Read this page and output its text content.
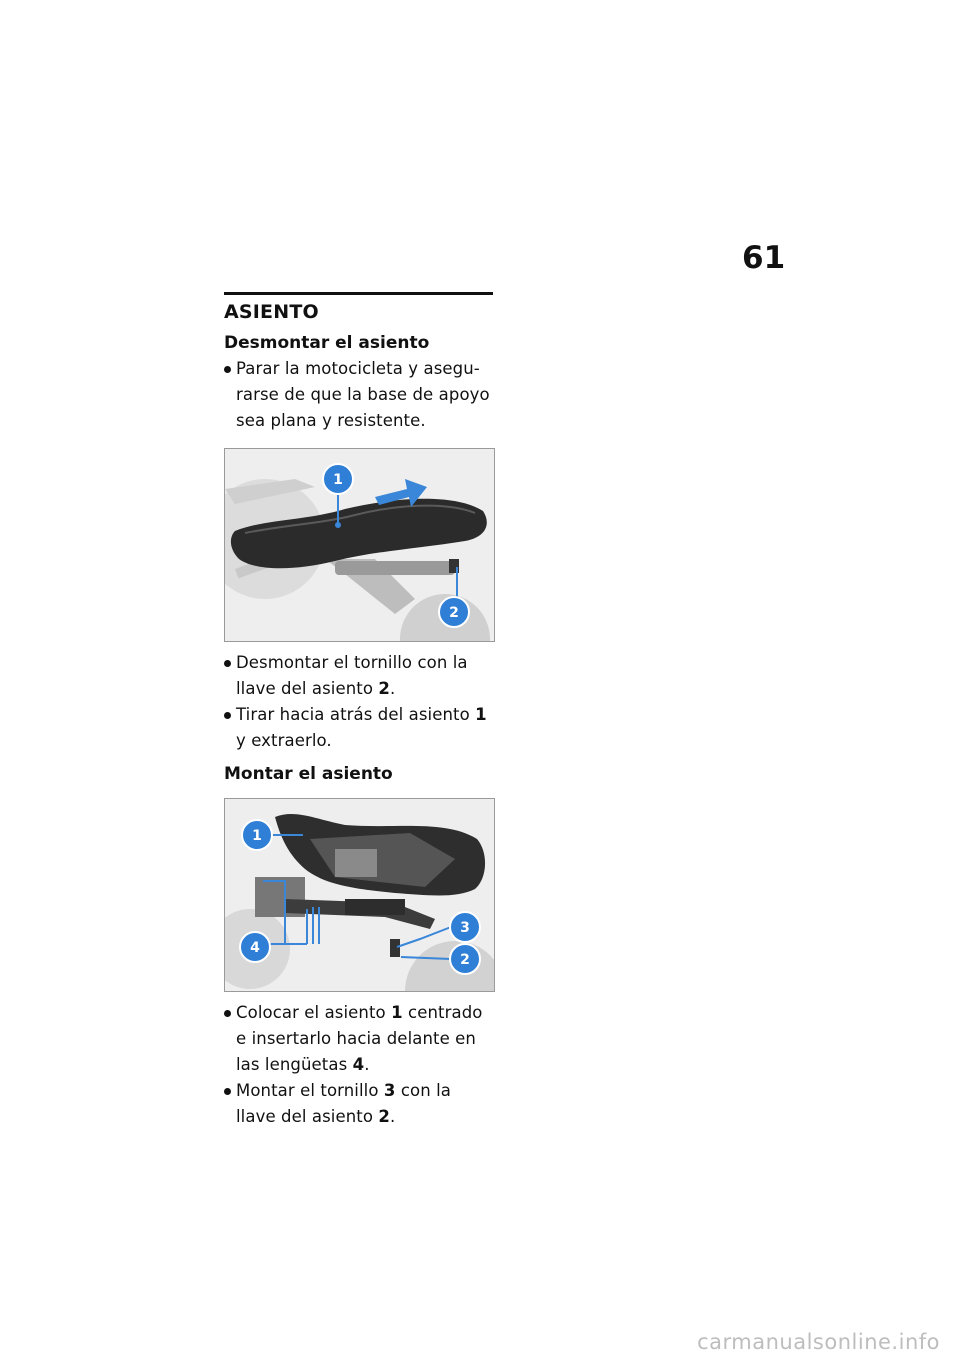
61
ASIENTO
Desmontar el asiento
Parar la motocicleta y asegu-rarse de que la base de apoyo sea plana y resistente.
1
2
Desmontar el tornillo con la llave del asiento 2.
Tirar hacia atrás del asiento 1 y extraerlo.
Montar el asiento
1
4
3
2
Colocar el asiento 1 centrado e insertarlo hacia delante en las lengüetas 4.
Montar el tornillo 3 con la llave del asiento 2.
carmanualsonline.info
